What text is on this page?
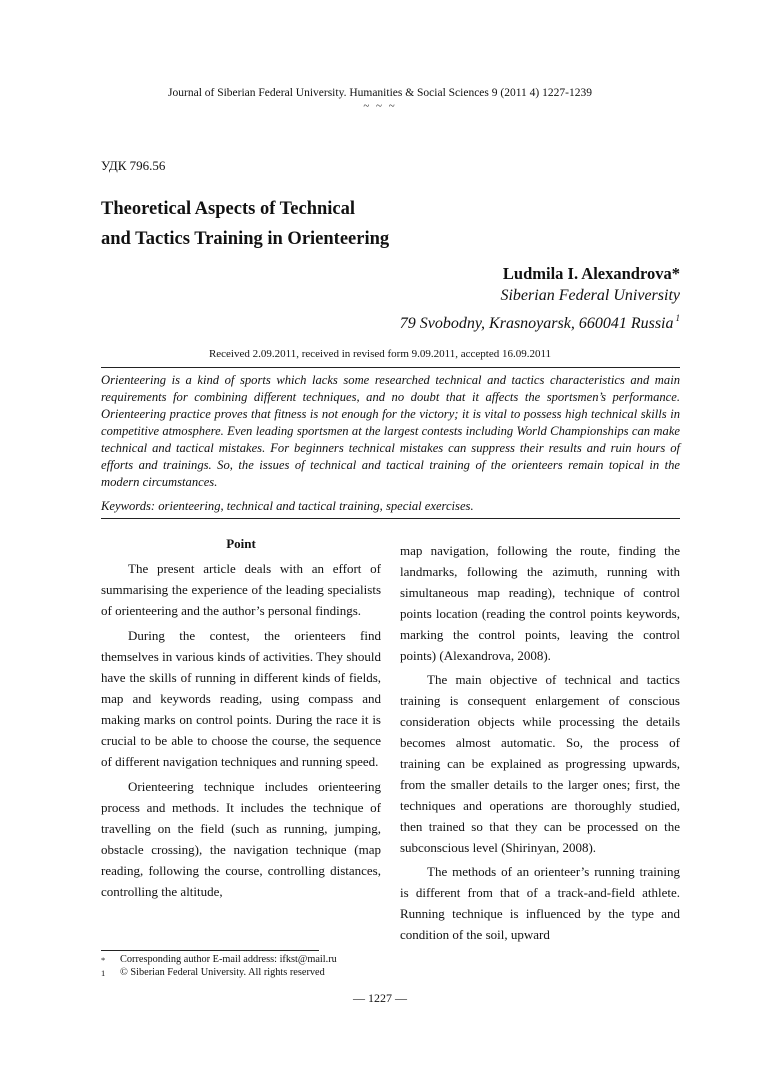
Journal of Siberian Federal University. Humanities & Social Sciences 9 (2011 4) 1227-1239
~ ~ ~
УДК 796.56
Theoretical Aspects of Technical
and Tactics Training in Orienteering
Ludmila I. Alexandrova*
Siberian Federal University
79 Svobodny, Krasnoyarsk, 660041 Russia $^1$
Received 2.09.2011, received in revised form 9.09.2011, accepted 16.09.2011
Orienteering is a kind of sports which lacks some researched technical and tactics characteristics and main requirements for combining different techniques, and no doubt that it affects the sportsmen’s performance. Orienteering practice proves that fitness is not enough for the victory; it is vital to possess high technical skills in competitive atmosphere. Even leading sportsmen at the largest contests including World Championships can make technical and tactical mistakes. For beginners technical mistakes can suppress their results and ruin hours of efforts and trainings. So, the issues of technical and tactical training of the orienteers remain topical in the modern circumstances.
Keywords: orienteering, technical and tactical training, special exercises.
Point

The present article deals with an effort of summarising the experience of the leading specialists of orienteering and the author’s personal findings.

During the contest, the orienteers find themselves in various kinds of activities. They should have the skills of running in different kinds of fields, map and keywords reading, using compass and making marks on control points. During the race it is crucial to be able to choose the course, the sequence of different navigation techniques and running speed.

Orienteering technique includes orienteering process and methods. It includes the technique of travelling on the field (such as running, jumping, obstacle crossing), the navigation technique (map reading, following the course, controlling distances, controlling the altitude,

map navigation, following the route, finding the landmarks, following the azimuth, running with simultaneous map reading), technique of control points location (reading the control points keywords, marking the control points, leaving the control points) (Alexandrova, 2008).

The main objective of technical and tactics training is consequent enlargement of conscious consideration objects while processing the details becomes almost automatic. So, the process of training can be explained as progressing upwards, from the smaller details to the larger ones; first, the techniques and operations are thoroughly studied, then trained so that they can be processed on the subconscious level (Shirinyan, 2008).

The methods of an orienteer’s running training is different from that of a track-and-field athlete. Running technique is influenced by the type and condition of the soil, upward

* Corresponding author E-mail address: ifkst@mail.ru
1 © Siberian Federal University. All rights reserved
— 1227 —
